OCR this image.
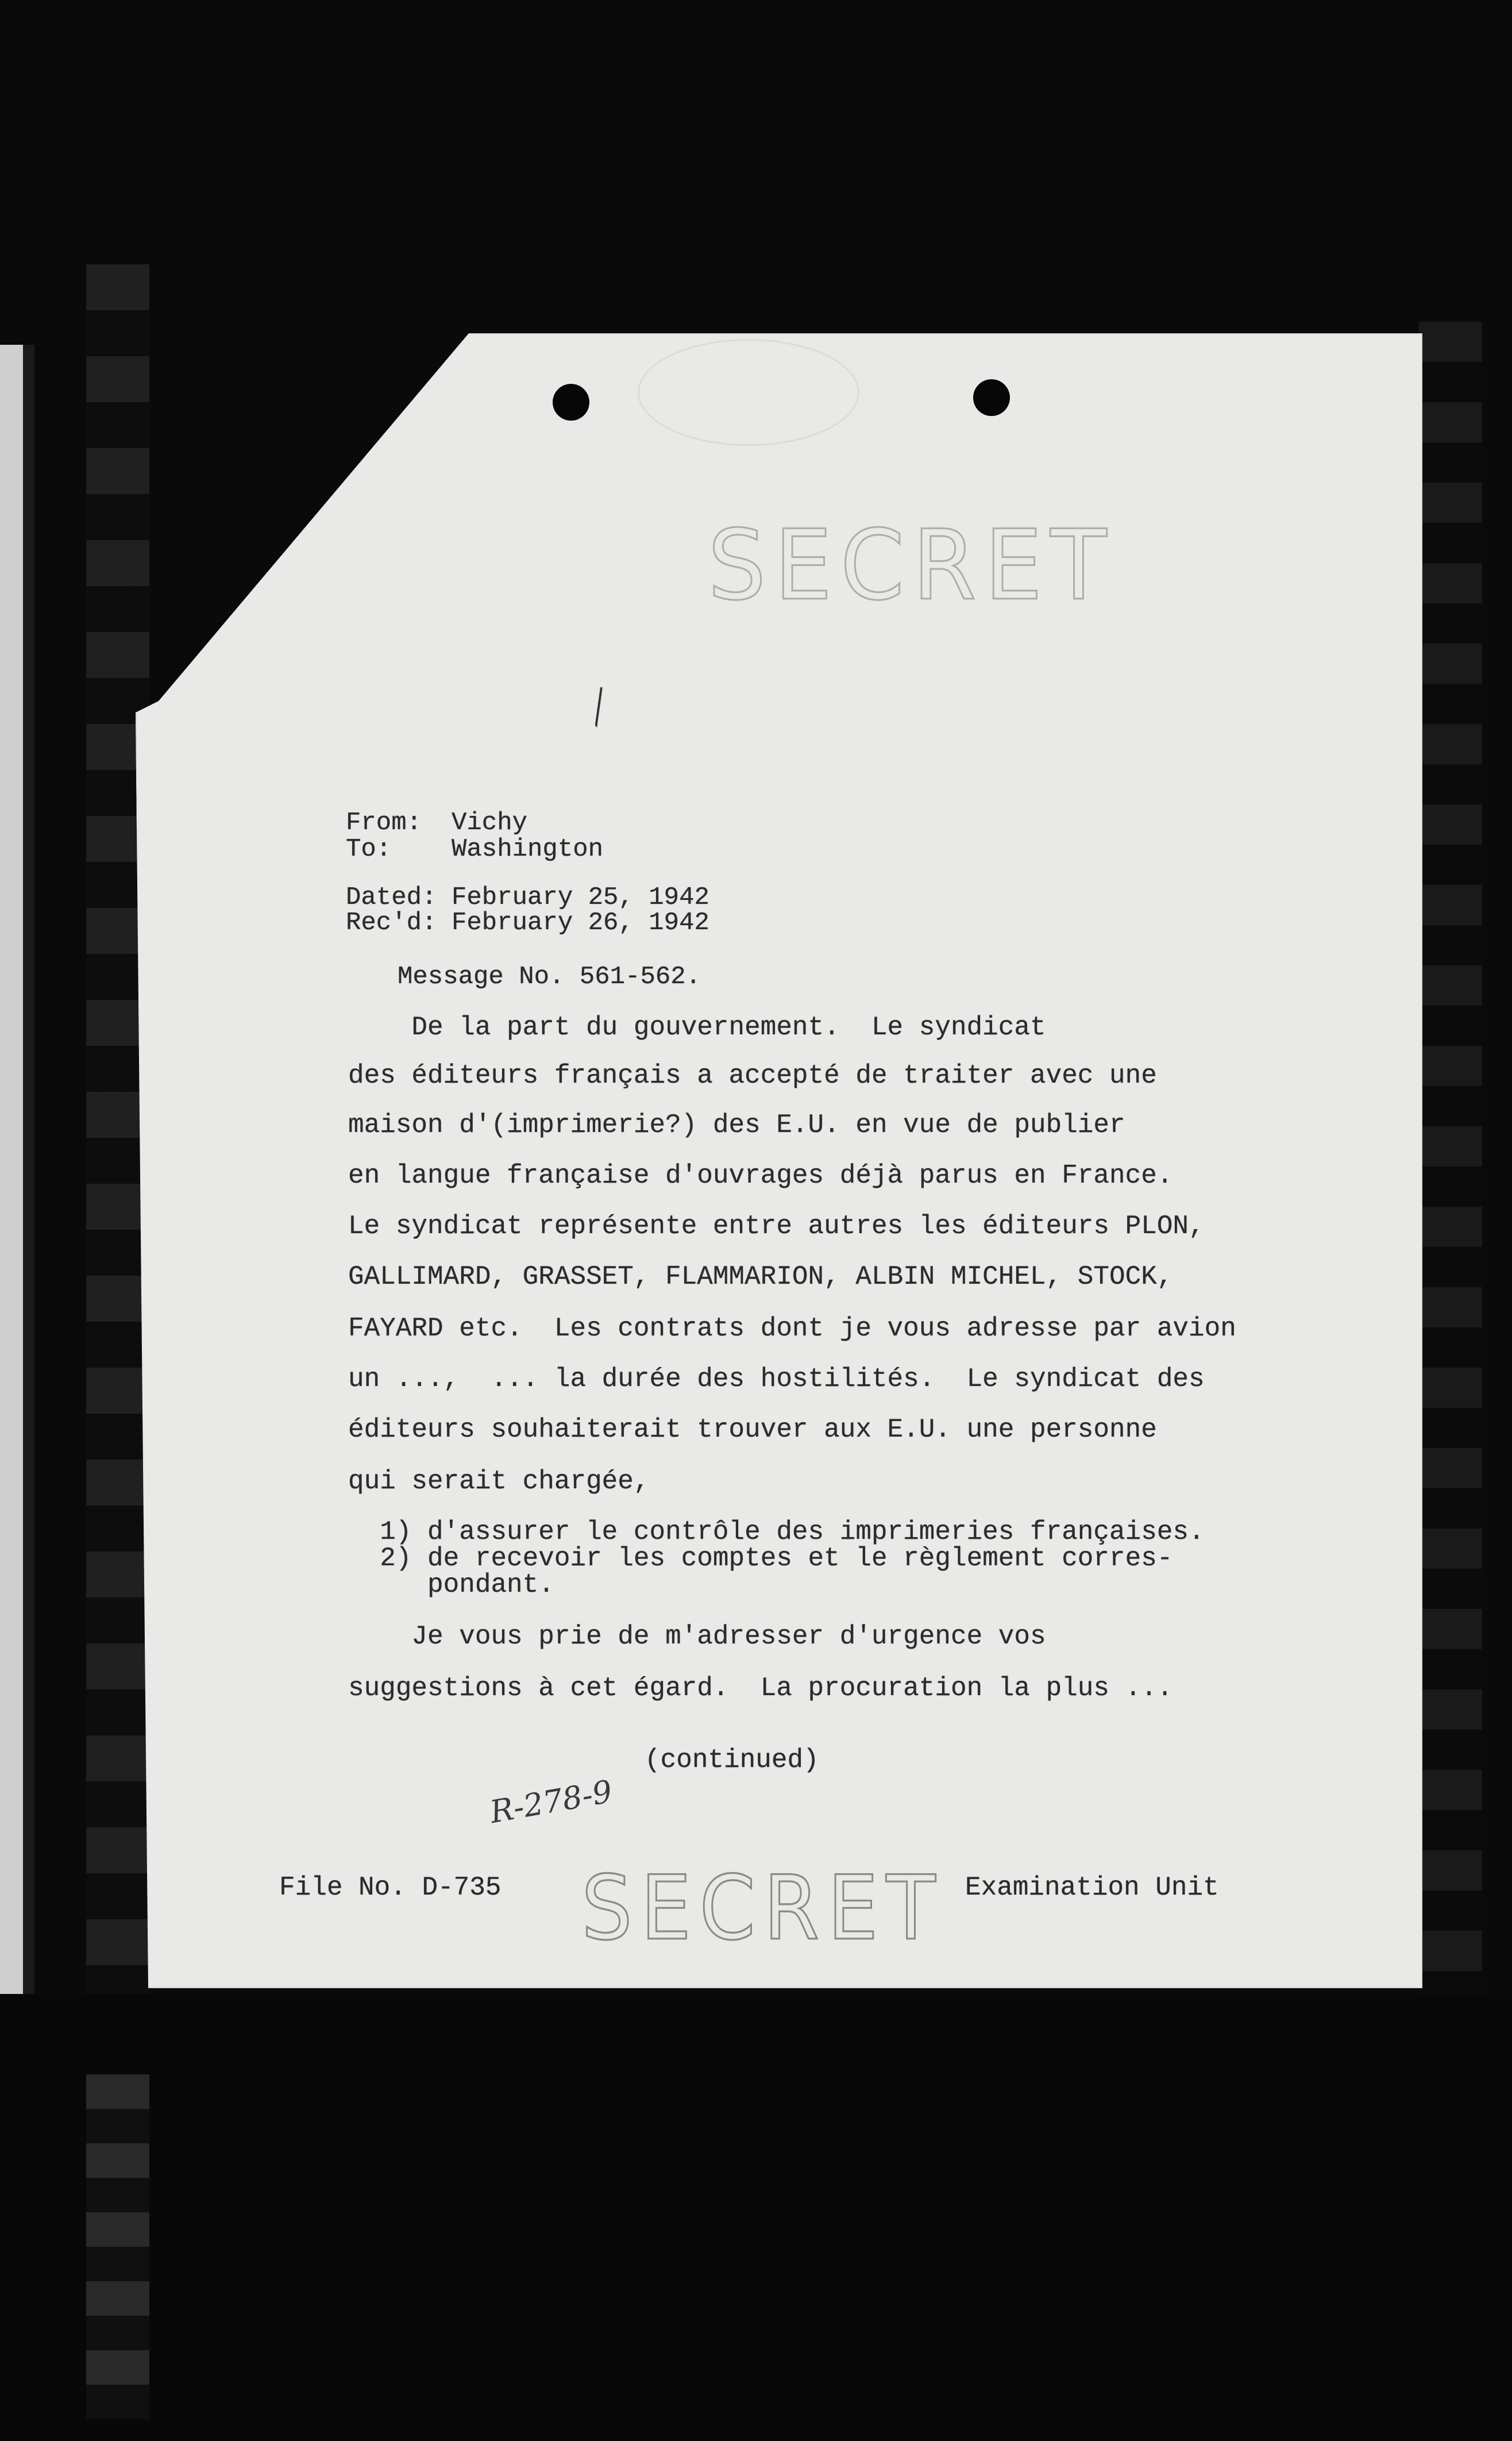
SECRET
From: Vichy
To: Washington
Dated: February 25, 1942
Rec'd: February 26, 1942
Message No. 561-562.
De la part du gouvernement.  Le syndicat
des éditeurs français a accepté de traiter avec une
maison d'(imprimerie?) des E.U. en vue de publier
en langue française d'ouvrages déjà parus en France.
Le syndicat représente entre autres les éditeurs PLON,
GALLIMARD, GRASSET, FLAMMARION, ALBIN MICHEL, STOCK,
FAYARD etc.  Les contrats dont je vous adresse par avion
un ...,  ... la durée des hostilités.  Le syndicat des
éditeurs souhaiterait trouver aux E.U. une personne
qui serait chargée,
1) d'assurer le contrôle des imprimeries françaises.
2) de recevoir les comptes et le règlement corres-
pondant.
Je vous prie de m'adresser d'urgence vos
suggestions à cet égard.  La procuration la plus ...
(continued)
R-278-9
File No. D-735 SECRET Examination Unit
